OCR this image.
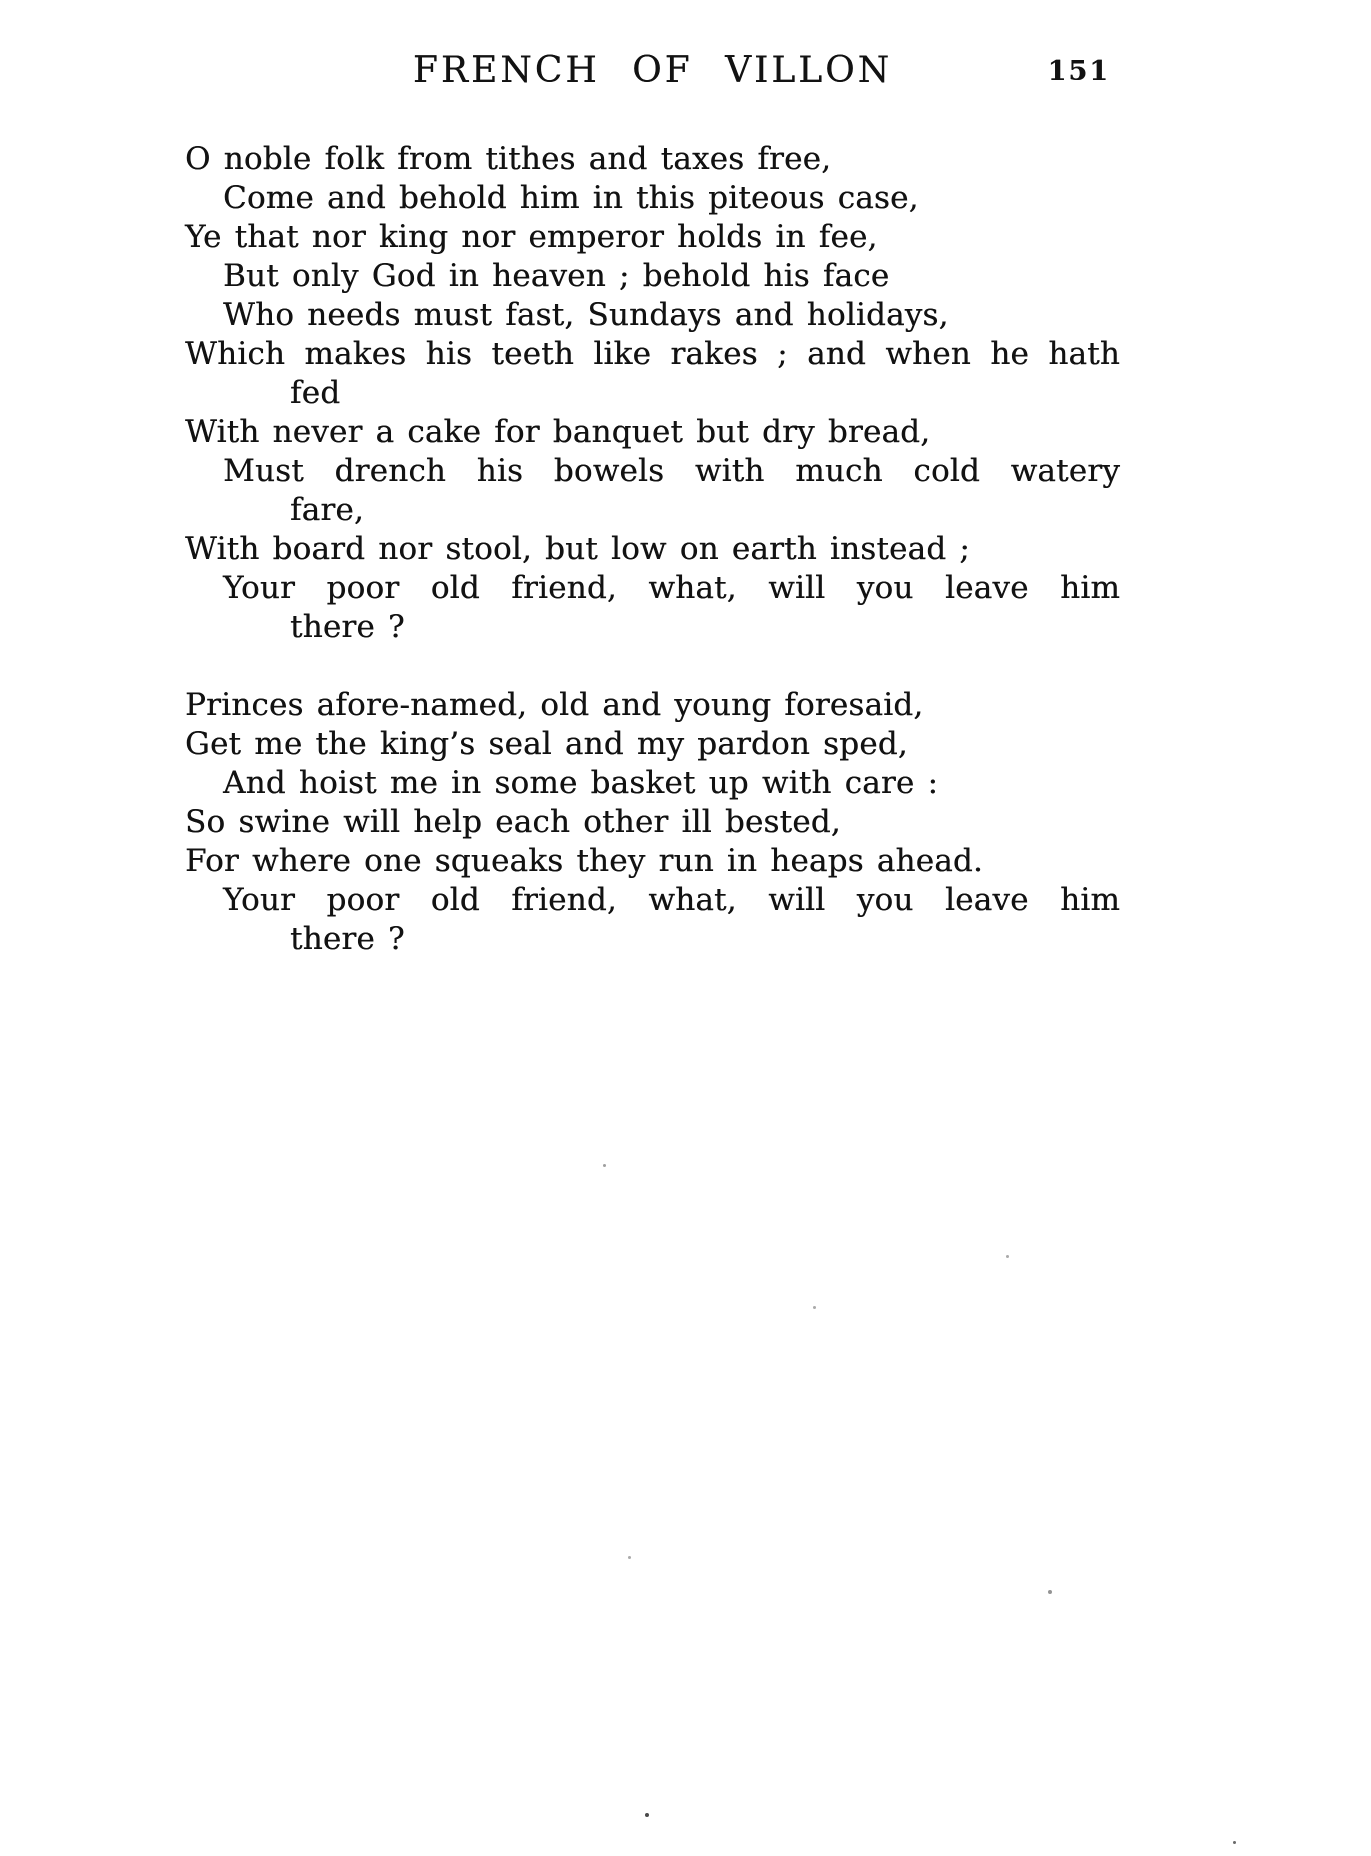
FRENCH OF VILLON	151
O noble folk from tithes and taxes free,
Come and behold him in this piteous case,
Ye that nor king nor emperor holds in fee,
But only God in heaven ; behold his face
Who needs must fast, Sundays and holidays,
Which makes his teeth like rakes ; and when he hath
fed
With never a cake for banquet but dry bread,
Must drench his bowels with much cold watery
fare,
With board nor stool, but low on earth instead ;
Your poor old friend, what, will you leave him
there ?
Princes afore-named, old and young foresaid,
Get me the king’s seal and my pardon sped,
And hoist me in some basket up with care :
So swine will help each other ill bested,
For where one squeaks they run in heaps ahead.
Your poor old friend, what, will you leave him
there ?
